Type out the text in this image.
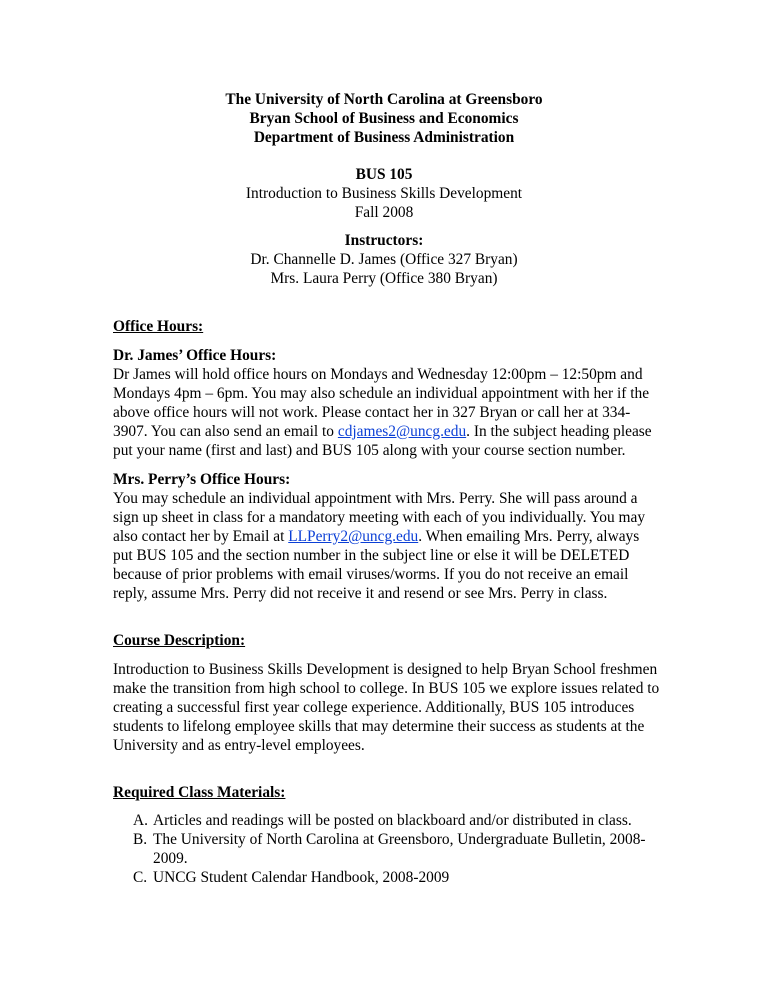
The University of North Carolina at Greensboro
Bryan School of Business and Economics
Department of Business Administration
BUS 105
Introduction to Business Skills Development
Fall 2008
Instructors:
Dr. Channelle D. James (Office 327 Bryan)
Mrs. Laura Perry (Office 380 Bryan)
Office Hours:
Dr. James’ Office Hours:
Dr James will hold office hours on Mondays and Wednesday 12:00pm – 12:50pm and
Mondays 4pm – 6pm. You may also schedule an individual appointment with her if the
above office hours will not work. Please contact her in 327 Bryan or call her at 334-
3907. You can also send an email to cdjames2@uncg.edu. In the subject heading please
put your name (first and last) and BUS 105 along with your course section number.
Mrs. Perry’s Office Hours:
You may schedule an individual appointment with Mrs. Perry. She will pass around a
sign up sheet in class for a mandatory meeting with each of you individually. You may
also contact her by Email at LLPerry2@uncg.edu. When emailing Mrs. Perry, always
put BUS 105 and the section number in the subject line or else it will be DELETED
because of prior problems with email viruses/worms. If you do not receive an email
reply, assume Mrs. Perry did not receive it and resend or see Mrs. Perry in class.
Course Description:
Introduction to Business Skills Development is designed to help Bryan School freshmen
make the transition from high school to college. In BUS 105 we explore issues related to
creating a successful first year college experience. Additionally, BUS 105 introduces
students to lifelong employee skills that may determine their success as students at the
University and as entry-level employees.
Required Class Materials:
A. Articles and readings will be posted on blackboard and/or distributed in class.
B. The University of North Carolina at Greensboro, Undergraduate Bulletin, 2008-
2009.
C. UNCG Student Calendar Handbook, 2008-2009
